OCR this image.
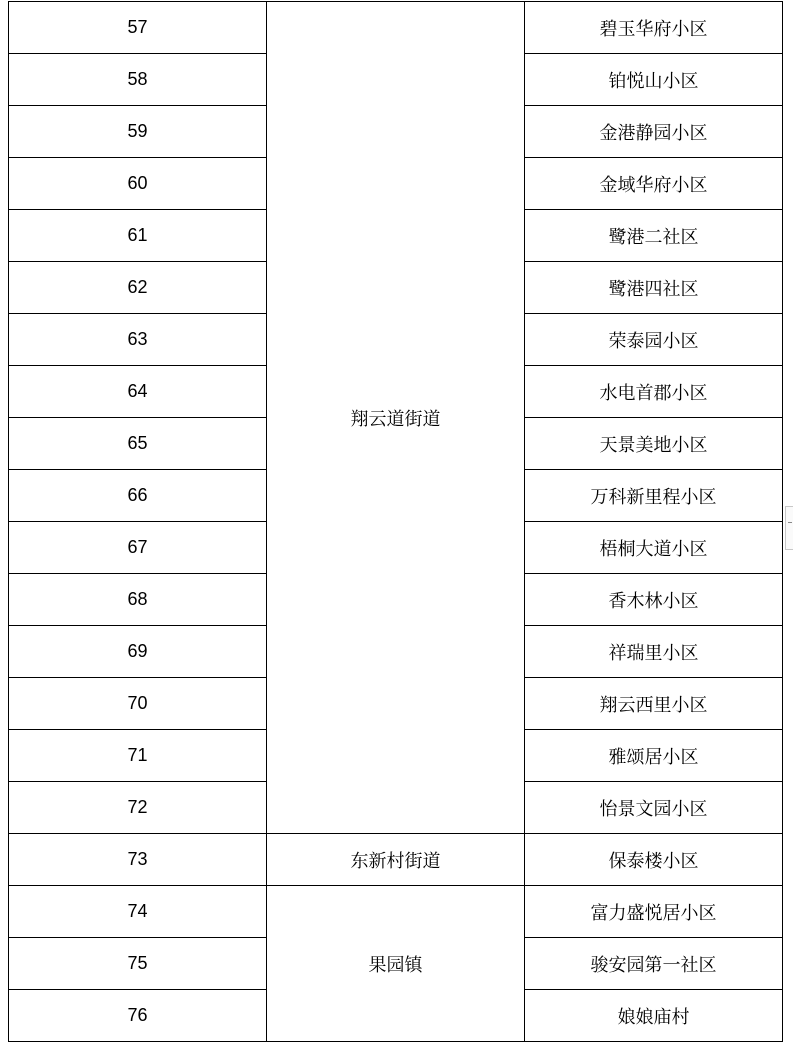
57	翔云道街道	碧玉华府小区
58		铂悦山小区
59		金港静园小区
60		金域华府小区
61		鹭港二社区
62		鹭港四社区
63		荣泰园小区
64		水电首郡小区
65		天景美地小区
66		万科新里程小区
67		梧桐大道小区
68		香木林小区
69		祥瑞里小区
70		翔云西里小区
71		雅颂居小区
72		怡景文园小区
73	东新村街道	保泰楼小区
74	果园镇	富力盛悦居小区
75		骏安园第一社区
76		娘娘庙村
